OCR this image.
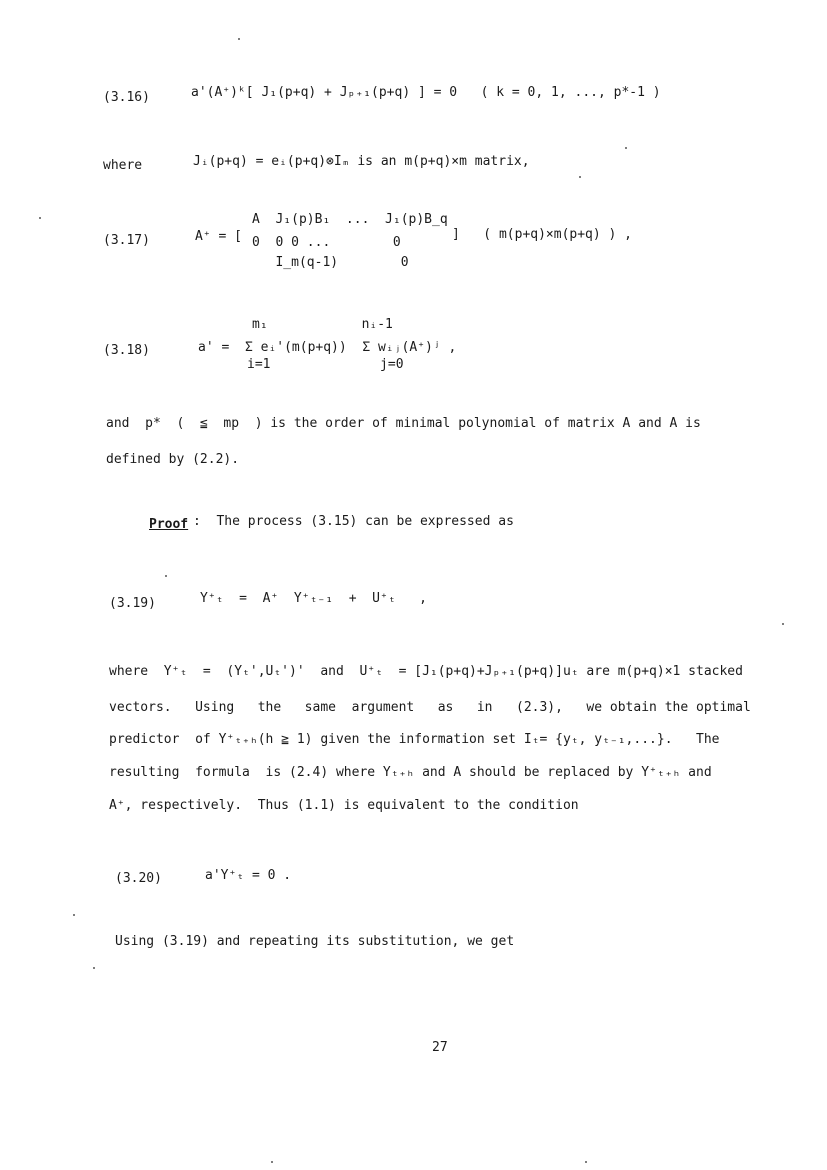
(3.16)	a'(A⁺)ᵏ[ J₁(p+q) + Jₚ₊₁(p+q) ] = 0   ( k = 0, 1, ..., p*-1 )
where	Jᵢ(p+q) = eᵢ(p+q)⊗Iₘ is an m(p+q)×m matrix,
(3.17)	A⁺ = [
A  J₁(p)B₁  ...  J₁(p)B_q
0  0 0 ...        0
I_m(q-1)        0
]   ( m(p+q)×m(p+q) ) ,
(3.18)
m₁            nᵢ-1
a' =  Σ eᵢ'(m(p+q))  Σ wᵢⱼ(A⁺)ʲ ,
i=1              j=0
and  p*  (  ≦  mp  ) is the order of minimal polynomial of matrix A and A is
defined by (2.2).
Proof :  The process (3.15) can be expressed as
(3.19)	Y⁺ₜ  =  A⁺  Y⁺ₜ₋₁  +  U⁺ₜ   ,
where  Y⁺ₜ  =  (Yₜ',Uₜ')'  and  U⁺ₜ  = [J₁(p+q)+Jₚ₊₁(p+q)]uₜ are m(p+q)×1 stacked
vectors.   Using   the   same  argument   as   in   (2.3),   we obtain the optimal
predictor  of Y⁺ₜ₊ₕ(h ≧ 1) given the information set Iₜ= {yₜ, yₜ₋₁,...}.   The
resulting  formula  is (2.4) where Yₜ₊ₕ and A should be replaced by Y⁺ₜ₊ₕ and
A⁺, respectively.  Thus (1.1) is equivalent to the condition
(3.20)	a'Y⁺ₜ = 0 .
Using (3.19) and repeating its substitution, we get
27
